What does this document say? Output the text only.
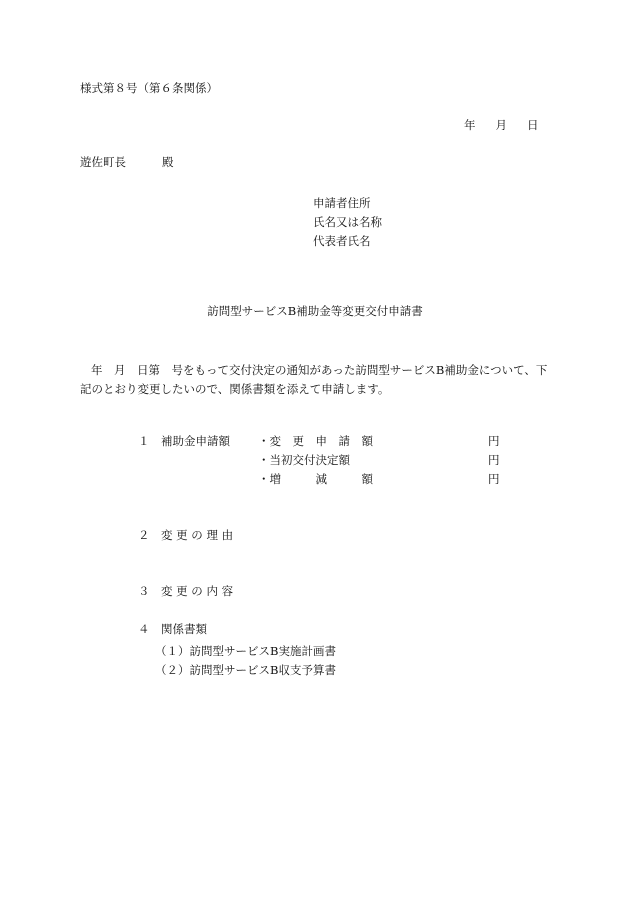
様式第８号（第６条関係）
年 月 日
遊佐町長	殿
申請者住所
氏名又は名称
代表者氏名
訪問型サービスB補助金等変更交付申請書
年　月　日第　号をもって交付決定の通知があった訪問型サービスB補助金について、下
記のとおり変更したいので、関係書類を添えて申請します。
１　補助金申請額 ・変　更　申　請　額	円
・当初交付決定額	円
・増　　　減　　　額	円
２　変 更 の 理 由
３　変 更 の 内 容
４　関係書類
（１）訪問型サービスB実施計画書
（２）訪問型サービスB収支予算書
